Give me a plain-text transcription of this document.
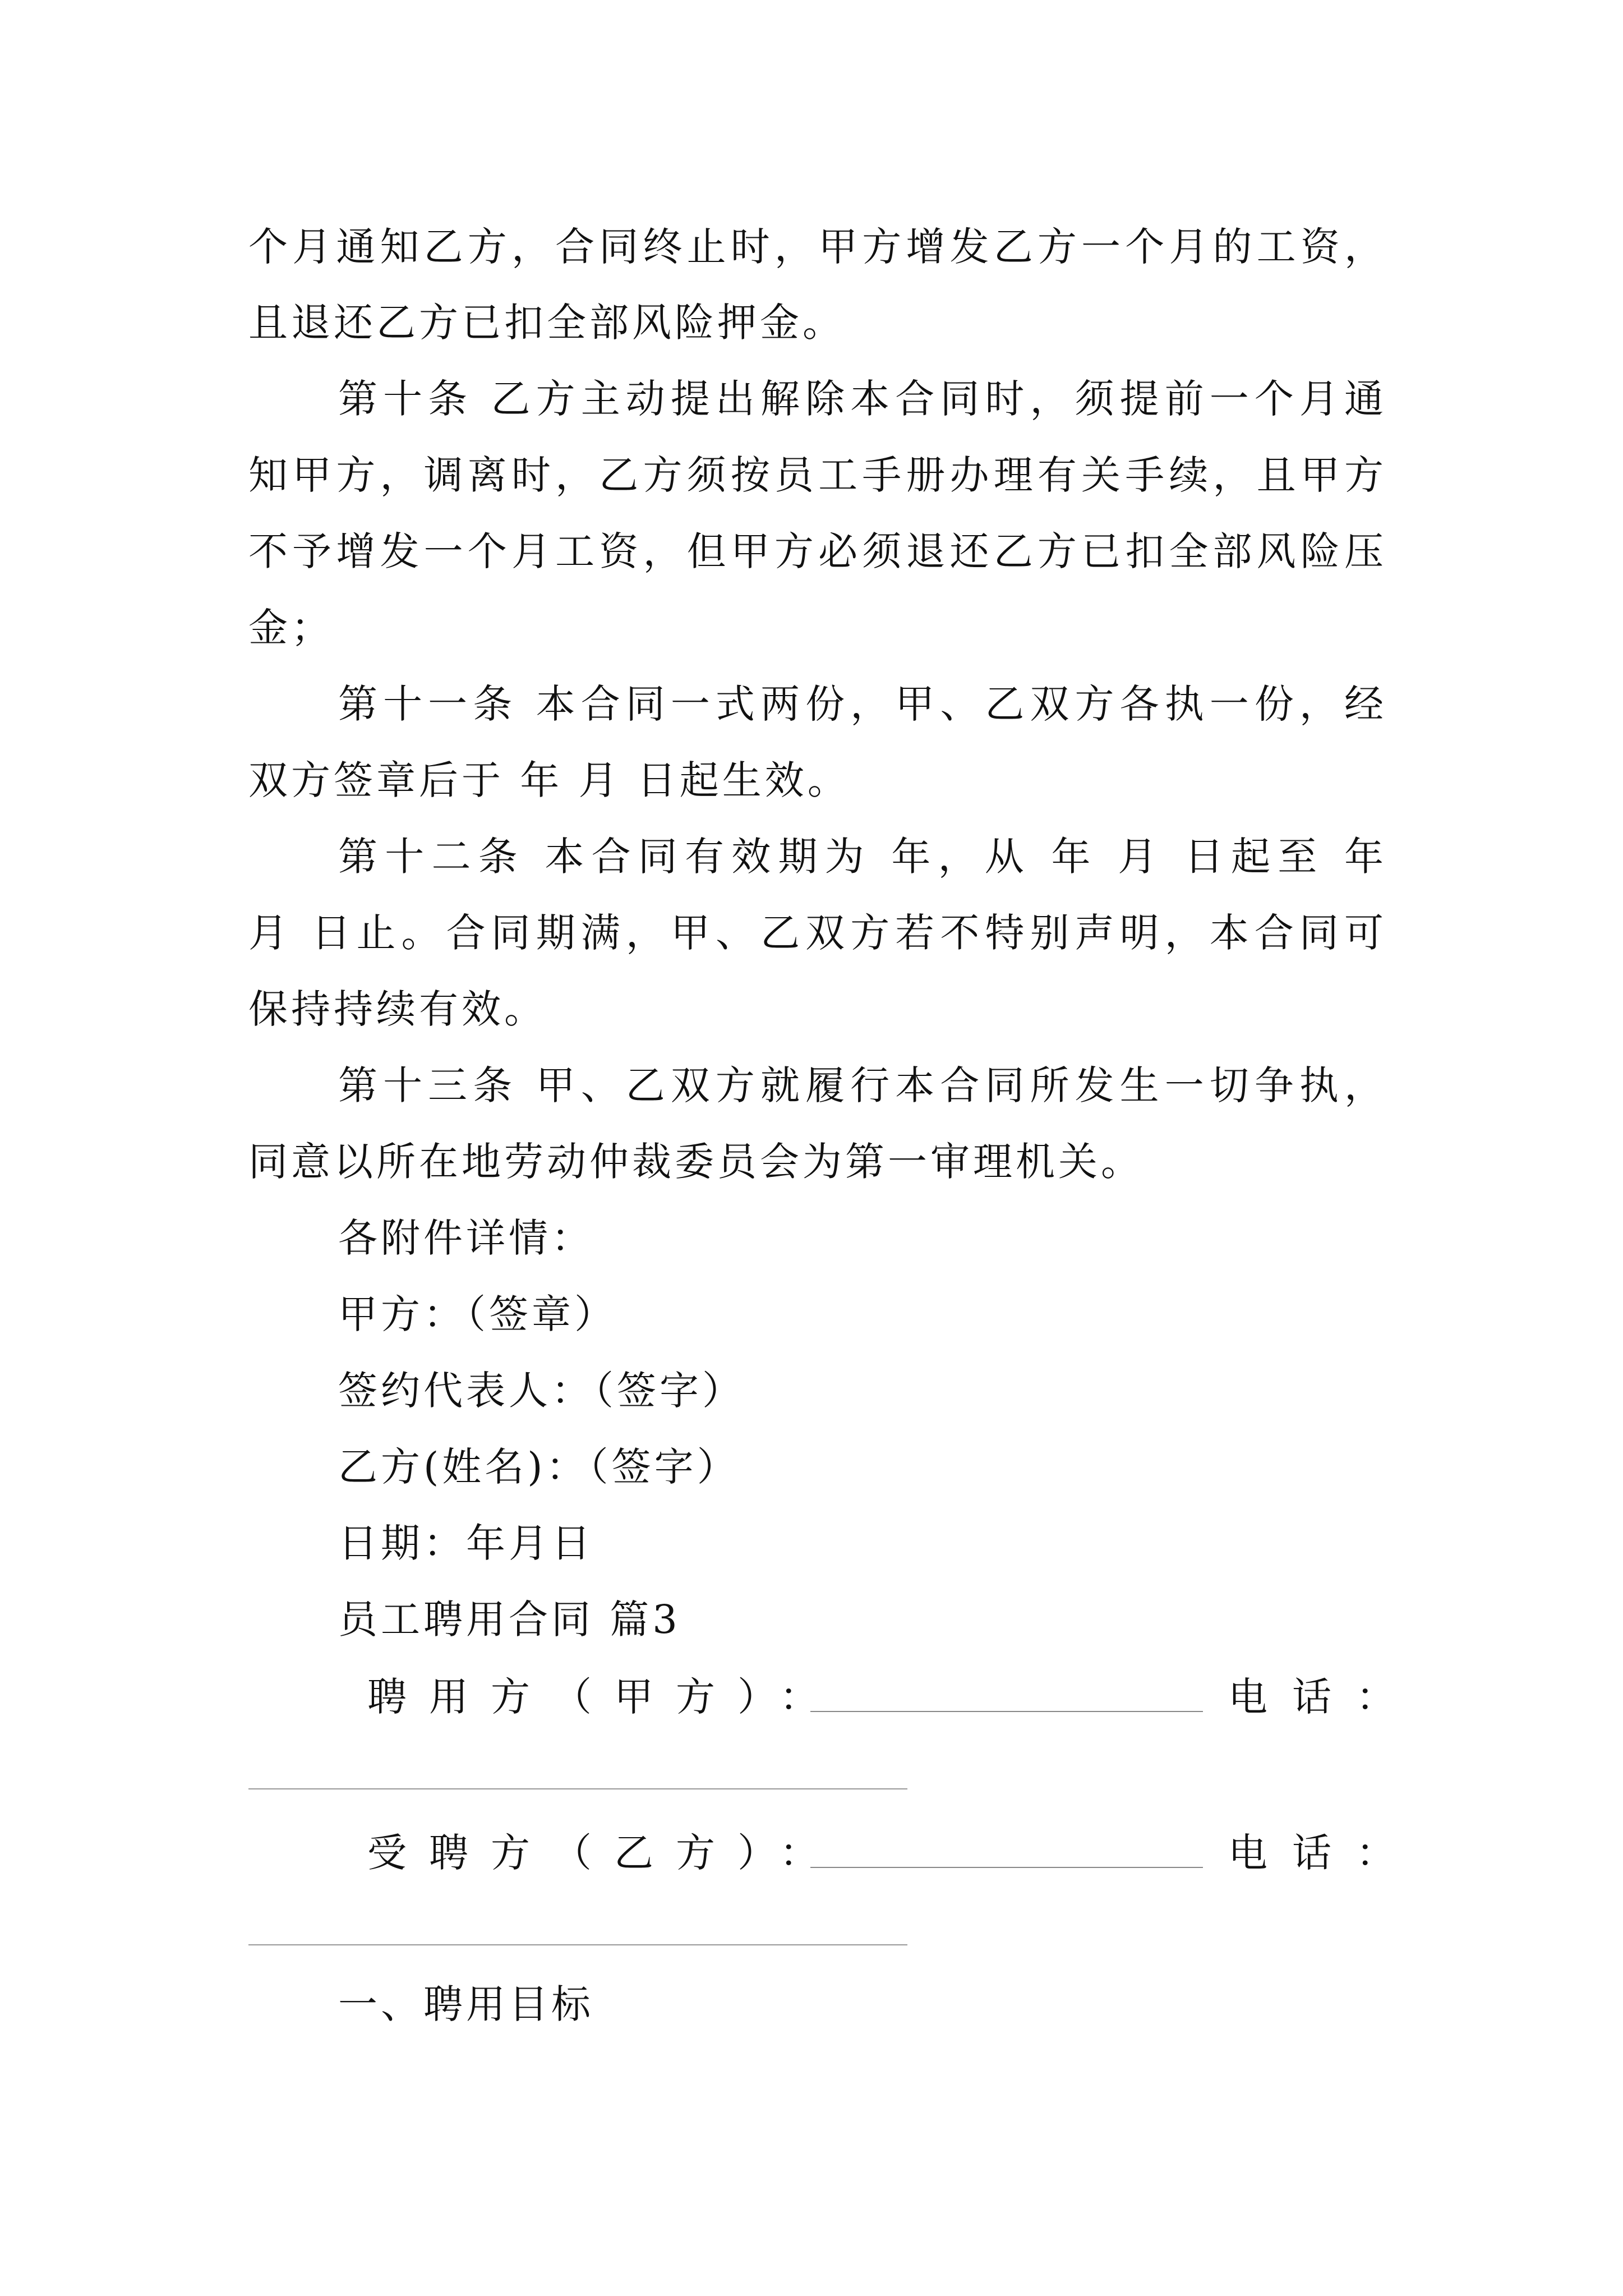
个月通知乙方，合同终止时，甲方增发乙方一个月的工资，
且退还乙方已扣全部风险押金。
第十条 乙方主动提出解除本合同时，须提前一个月通
知甲方，调离时，乙方须按员工手册办理有关手续，且甲方
不予增发一个月工资，但甲方必须退还乙方已扣全部风险压
金；
第十一条 本合同一式两份，甲、乙双方各执一份，经
双方签章后于 年 月 日起生效。
第十二条 本合同有效期为 年，从 年 月 日起至 年
月 日止。合同期满，甲、乙双方若不特别声明，本合同可
保持持续有效。
第十三条 甲、乙双方就履行本合同所发生一切争执，
同意以所在地劳动仲裁委员会为第一审理机关。
各附件详情：
甲方：（签章）
签约代表人：（签字）
乙方(姓名)：（签字）
日期：年月日
员工聘用合同 篇3
聘用方（甲方）：	电话：
受聘方（乙方）：	电话：
一、聘用目标
